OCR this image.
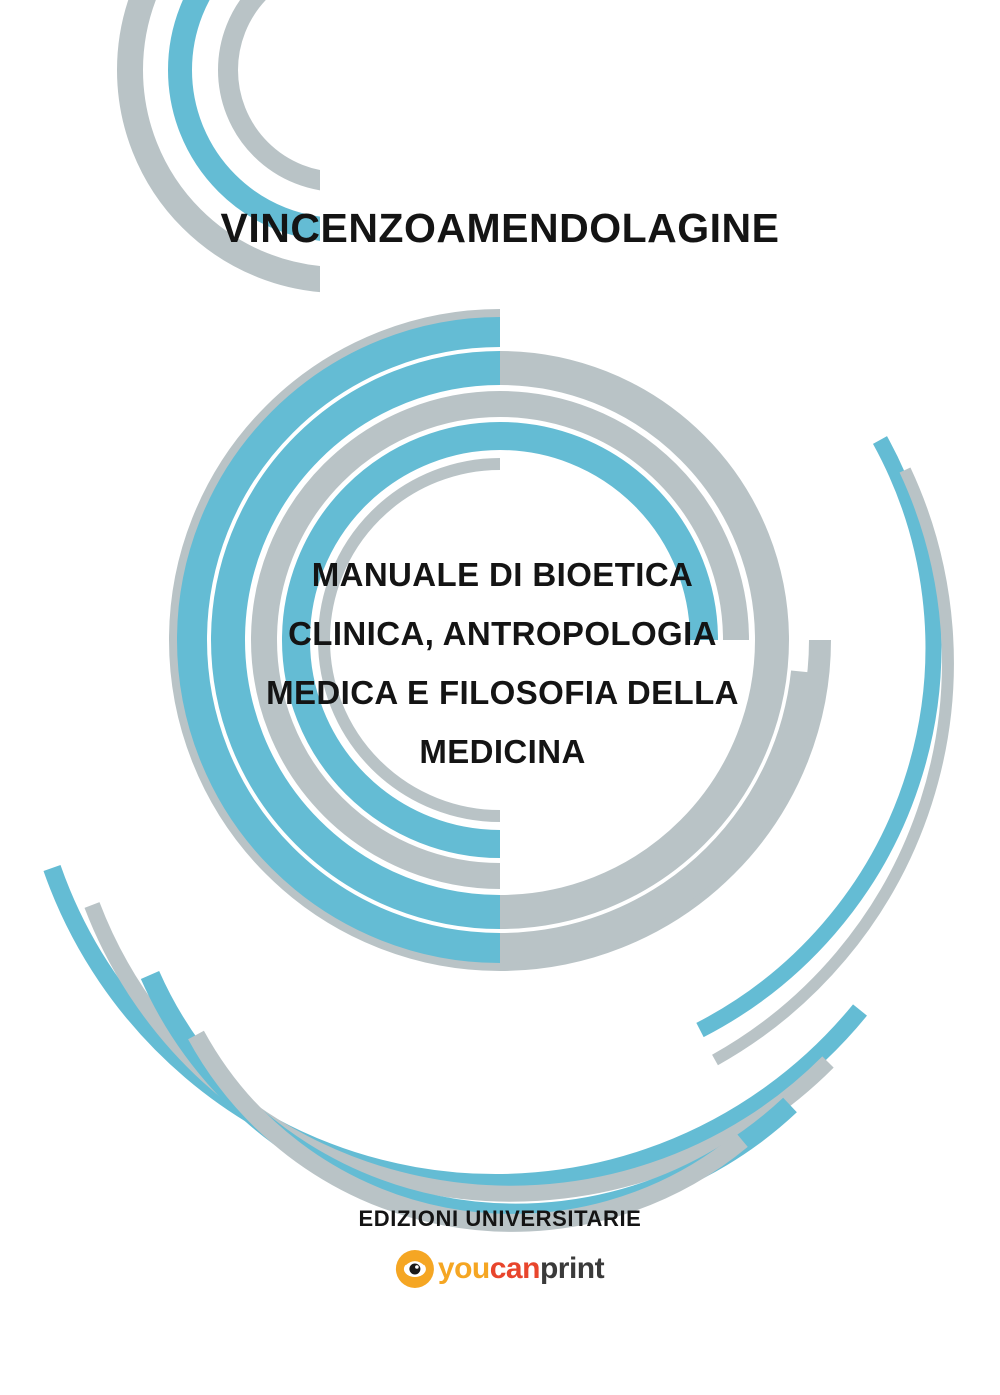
VINCENZOAMENDOLAGINE
MANUALE DI BIOETICA
CLINICA, ANTROPOLOGIA
MEDICA E FILOSOFIA DELLA
MEDICINA
EDIZIONI UNIVERSITARIE
youcanprint
